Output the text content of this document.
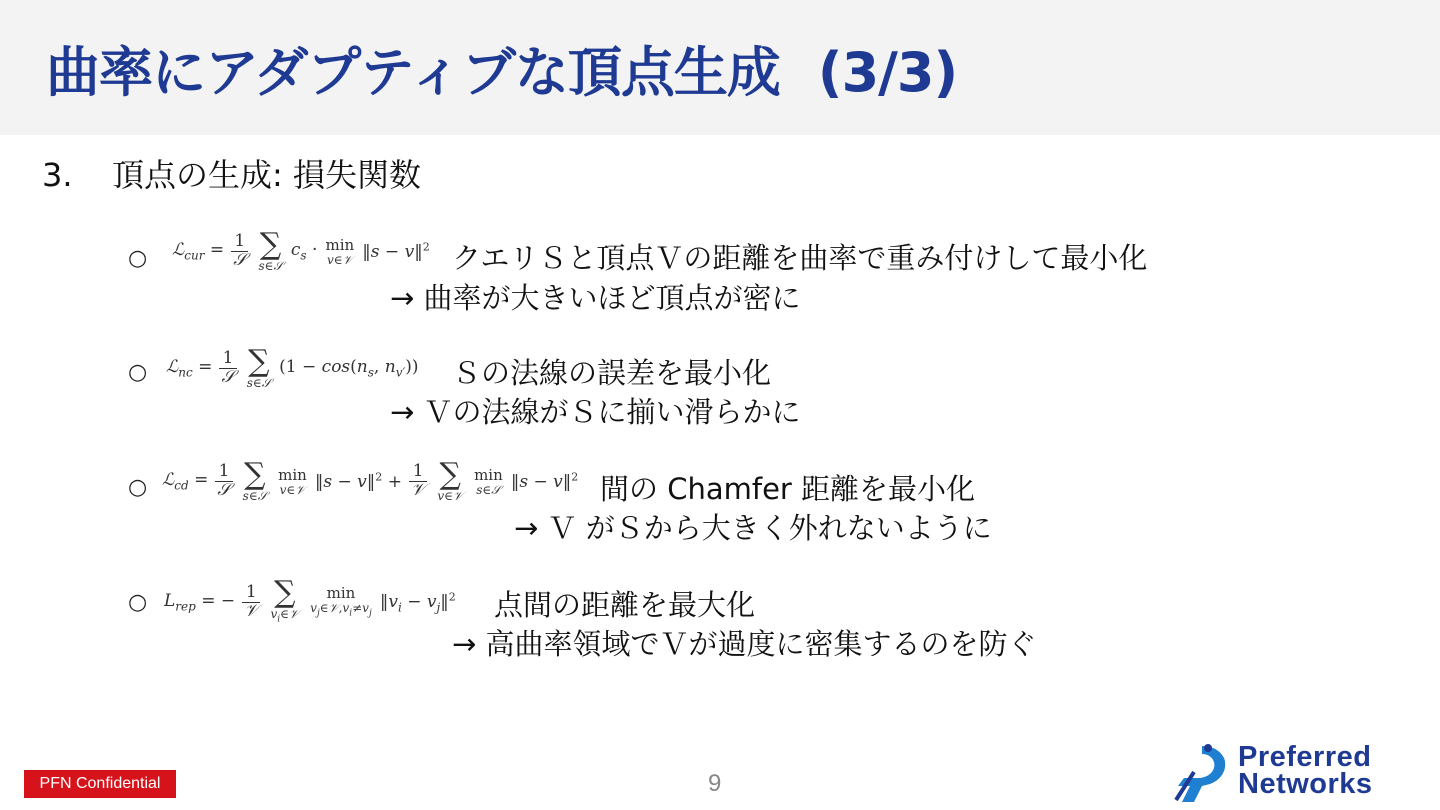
曲率にアダプティブな頂点生成 (3/3)
3. 頂点の生成: 損失関数
○ ℒ$_{cur}$ = $\frac{1}{\text{𝒮}}$
∑
s∈𝒮
$c_s \cdot \min$
v∈𝒱 ‖s − v‖$^2$ クエリＳと頂点Ｖの距離を曲率で重み付けして最小化
→ 曲率が大きいほど頂点が密に
○ ℒ$_{nc}$ = $\frac{1}{\text{𝒮}}$
∑
s∈𝒮
($1 - \cos(n_s$, $n_{v'}$)) Ｓの法線の誤差を最小化
→ Ｖの法線がＳに揃い滑らかに
○ ℒ$_{cd}$ = $\frac{1}{\text{𝒮}}$
∑
s∈𝒮

min
v∈𝒱 ‖s − v‖$^2$ + $\frac{1}{\text{𝒱}}$
∑
v∈𝒱

min
s∈𝒮 ‖s − v‖$^2$ 間の Chamfer 距離を最小化
→ Ｖ がＳから大きく外れないように
○ $L_{rep}$ = − $\frac{1}{\text{𝒱}}$
∑
$v_i\in 𝒱$

min
$v_j\in 𝒱,v_i\ne v_j$
$‖v_i$ − $v_j‖^2$ 点間の距離を最大化
→ 高曲率領域でＶが過度に密集するのを防ぐ
PFN Confidential	9
Preferred
Networks
